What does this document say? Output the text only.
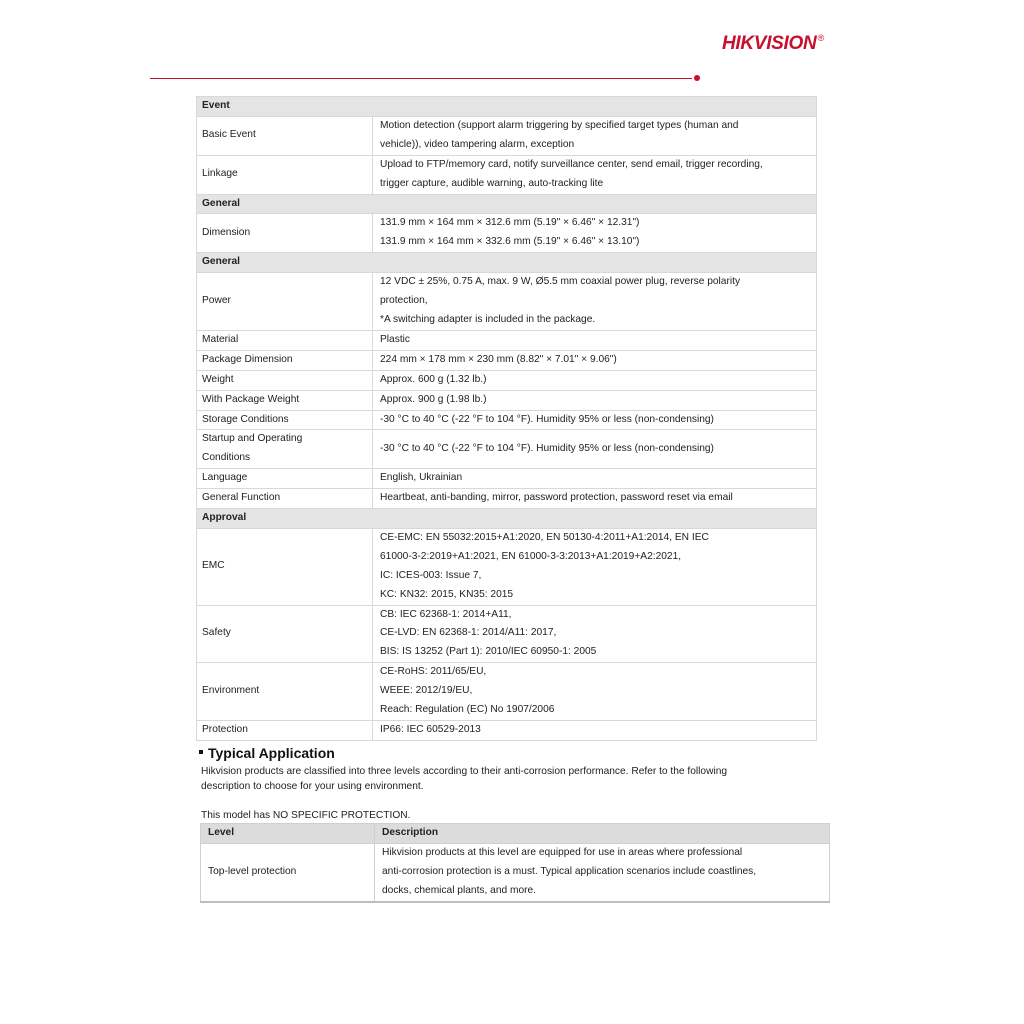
HIKVISION®
Event	
Basic Event	Motion detection (support alarm triggering by specified target types (human and
vehicle)), video tampering alarm, exception

Linkage	Upload to FTP/memory card, notify surveillance center, send email, trigger recording,
trigger capture, audible warning, auto-tracking lite

General	
Dimension	131.9 mm × 164 mm × 312.6 mm (5.19" × 6.46" × 12.31")
131.9 mm × 164 mm × 332.6 mm (5.19" × 6.46" × 13.10")

General	
Power	12 VDC ± 25%, 0.75 A, max. 9 W, Ø5.5 mm coaxial power plug, reverse polarity
protection,
*A switching adapter is included in the package.

Material	Plastic
Package Dimension	224 mm × 178 mm × 230 mm (8.82" × 7.01" × 9.06")
Weight	Approx. 600 g (1.32 lb.)
With Package Weight	Approx. 900 g (1.98 lb.)
Storage Conditions	-30 °C to 40 °C (-22 °F to 104 °F). Humidity 95% or less (non-condensing)

Startup and Operating
Conditions	-30 °C to 40 °C (-22 °F to 104 °F). Humidity 95% or less (non-condensing)
Language	English, Ukrainian
General Function	Heartbeat, anti-banding, mirror, password protection, password reset via email
Approval	
EMC	CE-EMC: EN 55032:2015+A1:2020, EN 50130-4:2011+A1:2014, EN IEC
61000-3-2:2019+A1:2021, EN 61000-3-3:2013+A1:2019+A2:2021,
IC: ICES-003: Issue 7,
KC: KN32: 2015, KN35: 2015

Safety	CB: IEC 62368-1: 2014+A11,
CE-LVD: EN 62368-1: 2014/A11: 2017,
BIS: IS 13252 (Part 1): 2010/IEC 60950-1: 2005

Environment	CE-RoHS: 2011/65/EU,
WEEE: 2012/19/EU,
Reach: Regulation (EC) No 1907/2006

Protection	IP66: IEC 60529-2013
Typical Application
Hikvision products are classified into three levels according to their anti-corrosion performance. Refer to the following
description to choose for your using environment.
This model has NO SPECIFIC PROTECTION.
Level	Description
Top-level protection	Hikvision products at this level are equipped for use in areas where professional
anti-corrosion protection is a must. Typical application scenarios include coastlines,
docks, chemical plants, and more.
